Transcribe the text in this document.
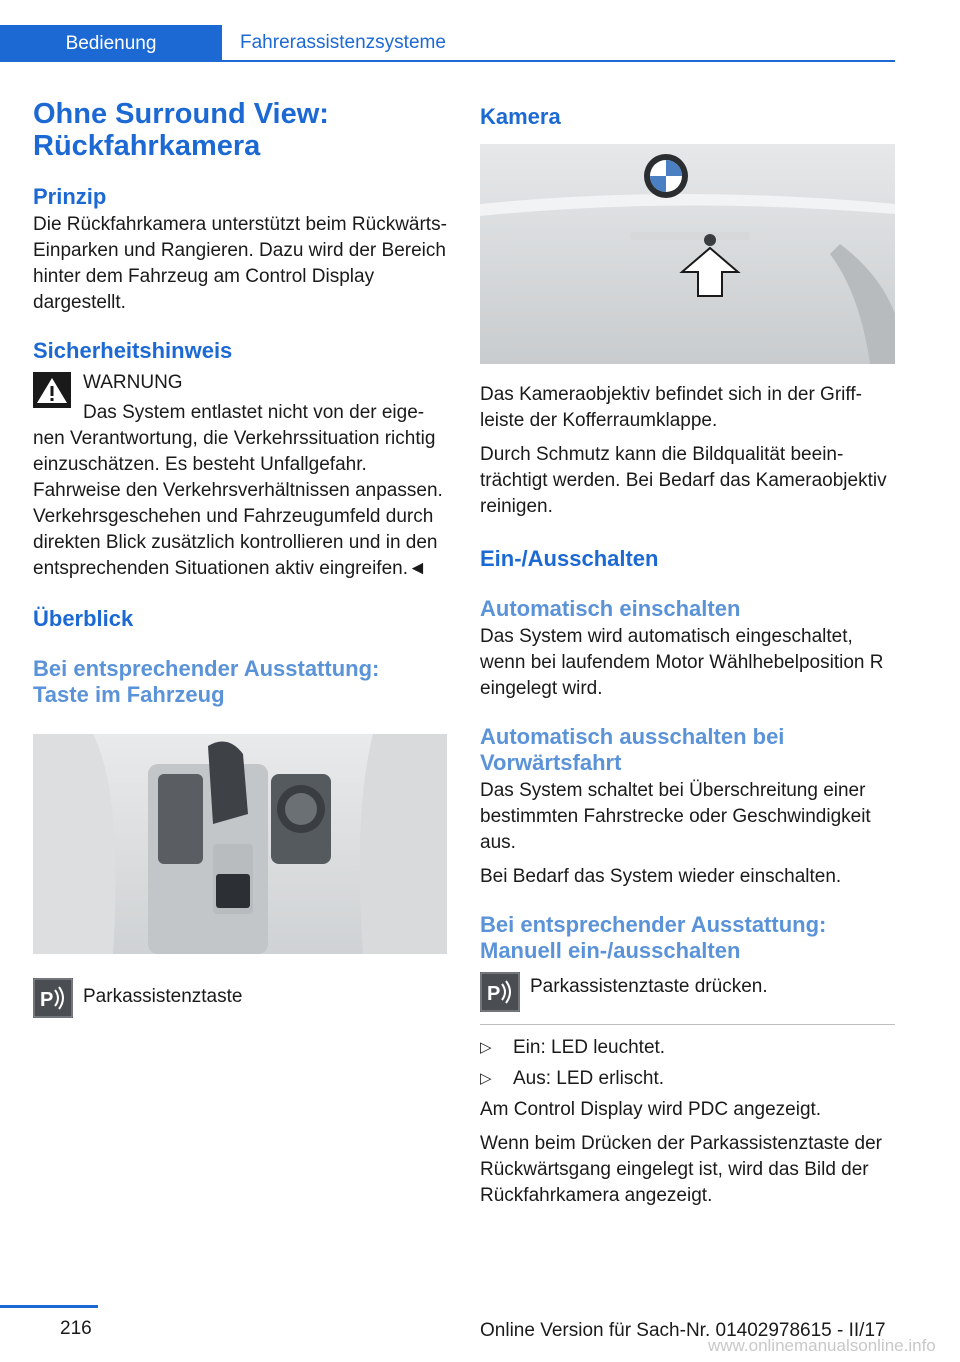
Bedienung	Fahrerassistenzsysteme
Ohne Surround View: Rückfahrkamera
Prinzip

Die Rückfahrkamera unterstützt beim Rückwärts-Einparken und Rangieren. Dazu wird der Bereich hinter dem Fahrzeug am Control Display dargestellt.

Sicherheitshinweis

WARNUNG

Das System entlastet nicht von der eigenen Verantwortung, die Verkehrssituation richtig einzuschätzen. Es besteht Unfallgefahr. Fahrweise den Verkehrsverhältnissen anpassen. Verkehrsgeschehen und Fahrzeugumfeld durch direkten Blick zusätzlich kontrollieren und in den entsprechenden Situationen aktiv eingreifen.◄

Überblick
Bei entsprechender Ausstattung: Taste im Fahrzeug
P Parkassistenztaste

Kamera

Das Kameraobjektiv befindet sich in der Griffleiste der Kofferraumklappe.

Durch Schmutz kann die Bildqualität beeinträchtigt werden. Bei Bedarf das Kameraobjektiv reinigen.

Ein-/Ausschalten
Automatisch einschalten

Das System wird automatisch eingeschaltet, wenn bei laufendem Motor Wählhebelposition R eingelegt wird.

Automatisch ausschalten bei Vorwärtsfahrt

Das System schaltet bei Überschreitung einer bestimmten Fahrstrecke oder Geschwindigkeit aus.

Bei Bedarf das System wieder einschalten.

Bei entsprechender Ausstattung: Manuell ein-/ausschalten
P Parkassistenztaste drücken.

▷ Ein: LED leuchtet.
▷ Aus: LED erlischt.

Am Control Display wird PDC angezeigt.

Wenn beim Drücken der Parkassistenztaste der Rückwärtsgang eingelegt ist, wird das Bild der Rückfahrkamera angezeigt.

216	Online Version für Sach-Nr. 01402978615 - II/17
www.onlinemanualsonline.info
